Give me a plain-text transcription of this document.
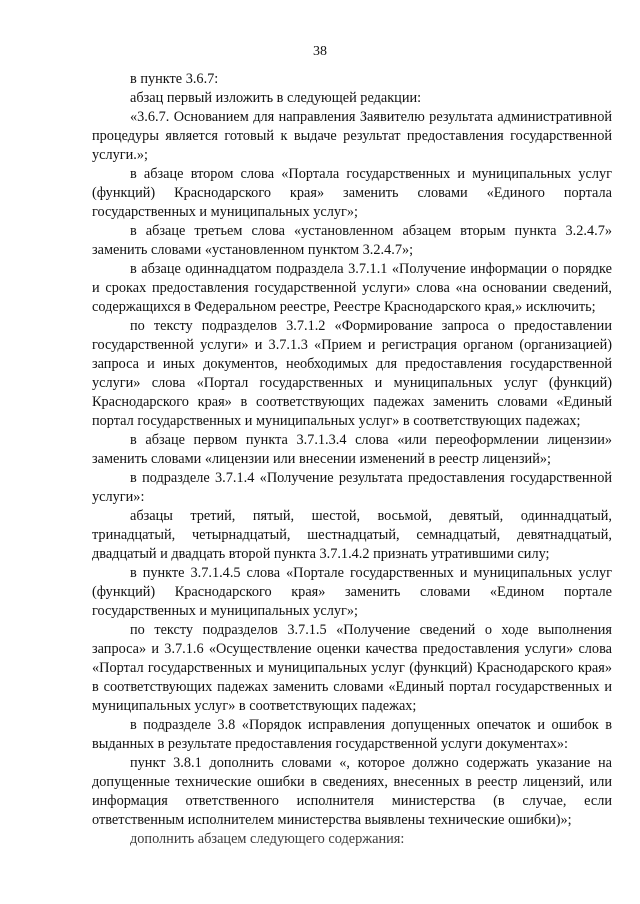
38

в пункте 3.6.7:

абзац первый изложить в следующей редакции:

«3.6.7. Основанием для направления Заявителю результата административной процедуры является готовый к выдаче результат предоставления государственной услуги.»;

в абзаце втором слова «Портала государственных и муниципальных услуг (функций) Краснодарского края» заменить словами «Единого портала государственных и муниципальных услуг»;

в абзаце третьем слова «установленном абзацем вторым пункта 3.2.4.7» заменить словами «установленном пунктом 3.2.4.7»;

в абзаце одиннадцатом подраздела 3.7.1.1 «Получение информации о порядке и сроках предоставления государственной услуги» слова «на основании сведений, содержащихся в Федеральном реестре, Реестре Краснодарского края,» исключить;

по тексту подразделов 3.7.1.2 «Формирование запроса о предоставлении государственной услуги» и 3.7.1.3 «Прием и регистрация органом (организацией) запроса и иных документов, необходимых для предоставления государственной услуги» слова «Портал государственных и муниципальных услуг (функций) Краснодарского края» в соответствующих падежах заменить словами «Единый портал государственных и муниципальных услуг» в соответствующих падежах;

в абзаце первом пункта 3.7.1.3.4 слова «или переоформлении лицензии» заменить словами «лицензии или внесении изменений в реестр лицензий»;

в подразделе 3.7.1.4 «Получение результата предоставления государственной услуги»:

абзацы третий, пятый, шестой, восьмой, девятый, одиннадцатый, тринадцатый, четырнадцатый, шестнадцатый, семнадцатый, девятнадцатый, двадцатый и двадцать второй пункта 3.7.1.4.2 признать утратившими силу;

в пункте 3.7.1.4.5 слова «Портале государственных и муниципальных услуг (функций) Краснодарского края» заменить словами «Едином портале государственных и муниципальных услуг»;

по тексту подразделов 3.7.1.5 «Получение сведений о ходе выполнения запроса» и 3.7.1.6 «Осуществление оценки качества предоставления услуги» слова «Портал государственных и муниципальных услуг (функций) Краснодарского края» в соответствующих падежах заменить словами «Единый портал государственных и муниципальных услуг» в соответствующих падежах;

в подразделе 3.8 «Порядок исправления допущенных опечаток и ошибок в выданных в результате предоставления государственной услуги документах»:

пункт 3.8.1 дополнить словами «, которое должно содержать указание на допущенные технические ошибки в сведениях, внесенных в реестр лицензий, или информация ответственного исполнителя министерства (в случае, если ответственным исполнителем министерства выявлены технические ошибки)»;

дополнить абзацем следующего содержания:
